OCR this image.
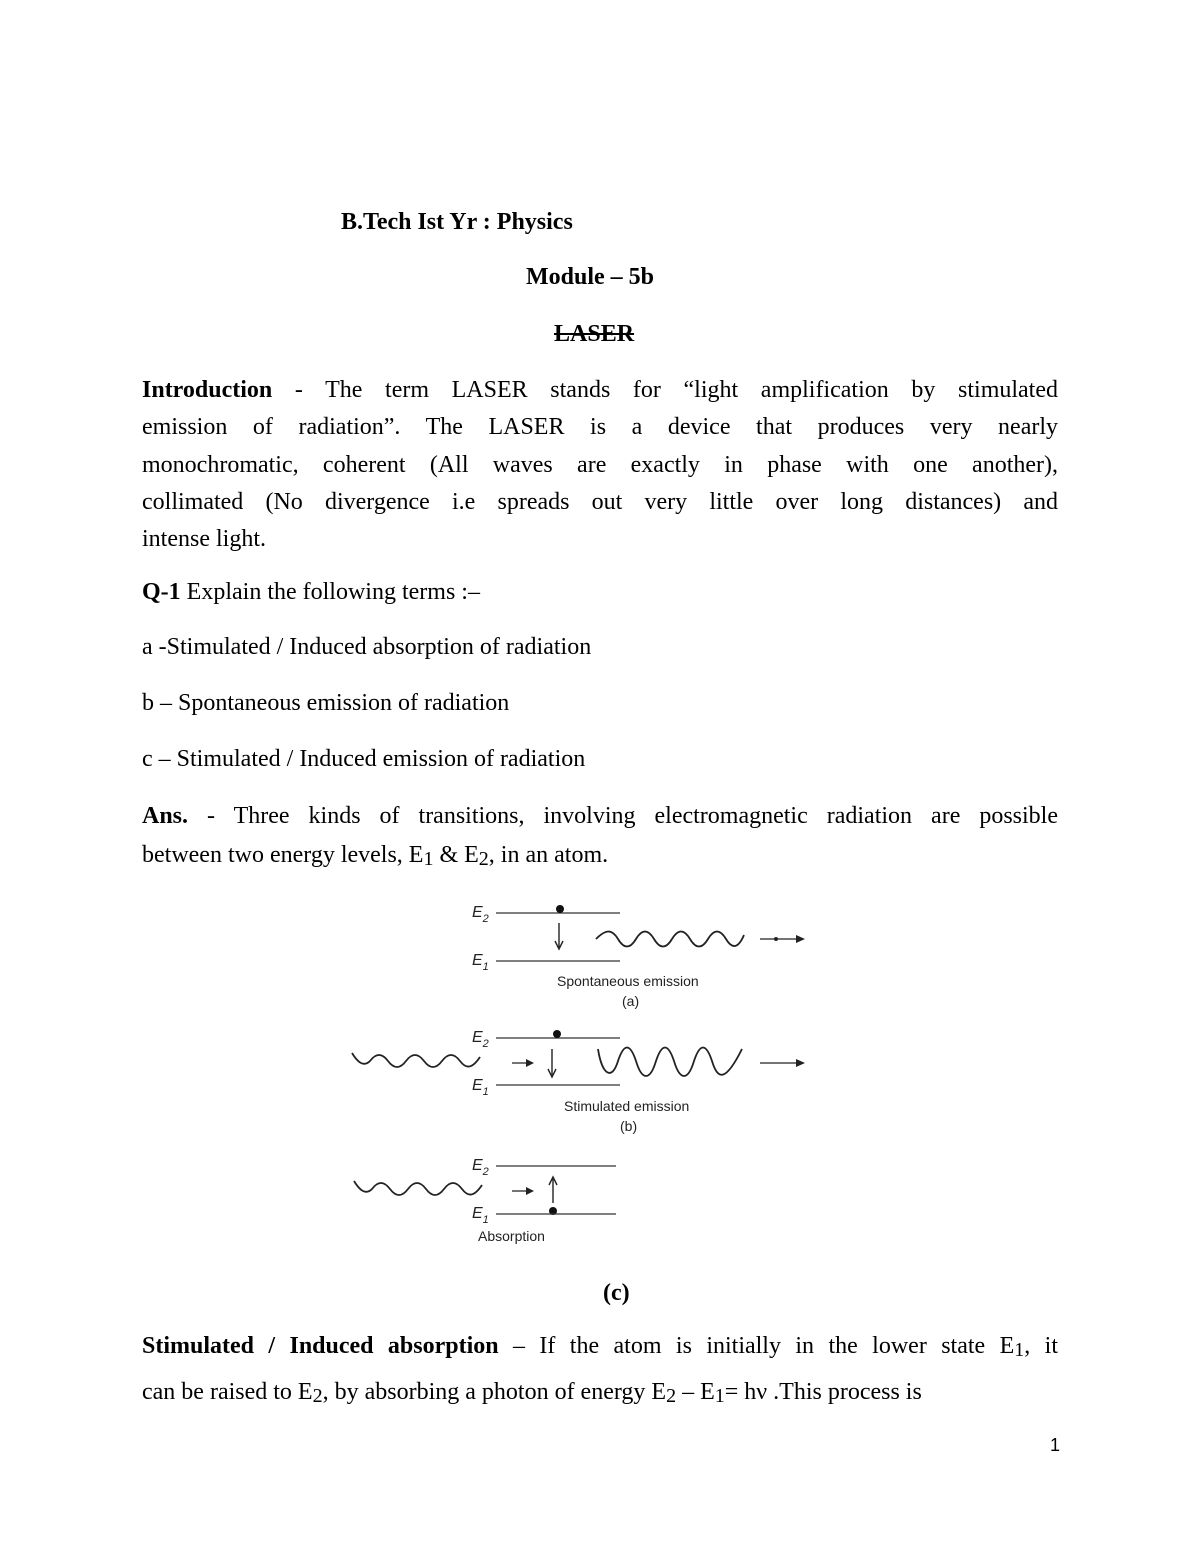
B.Tech Ist Yr : Physics
Module – 5b
LASER
Introduction - The term LASER stands for “light amplification by stimulated
emission of radiation”. The LASER is a device that produces very nearly
monochromatic, coherent (All waves are exactly in phase with one another),
collimated (No divergence i.e spreads out very little over long distances) and
intense light.
Q-1 Explain the following terms :–
a -Stimulated / Induced absorption of radiation
b – Spontaneous emission of radiation
c – Stimulated / Induced emission of radiation
Ans. - Three kinds of transitions, involving electromagnetic radiation are possible
between two energy levels, $E_1$ & $E_2$, in an atom.
$E_2$
$E_1$
Spontaneous emission
(a)
$E_2$
$E_1$
Stimulated emission
(b)
$E_2$
$E_1$
Absorption
(c)
Stimulated / Induced absorption – If the atom is initially in the lower state $E_1$, it
can be raised to $E_2$, by absorbing a photon of energy $E_2 - E_1= h\nu$ .This process is
1
